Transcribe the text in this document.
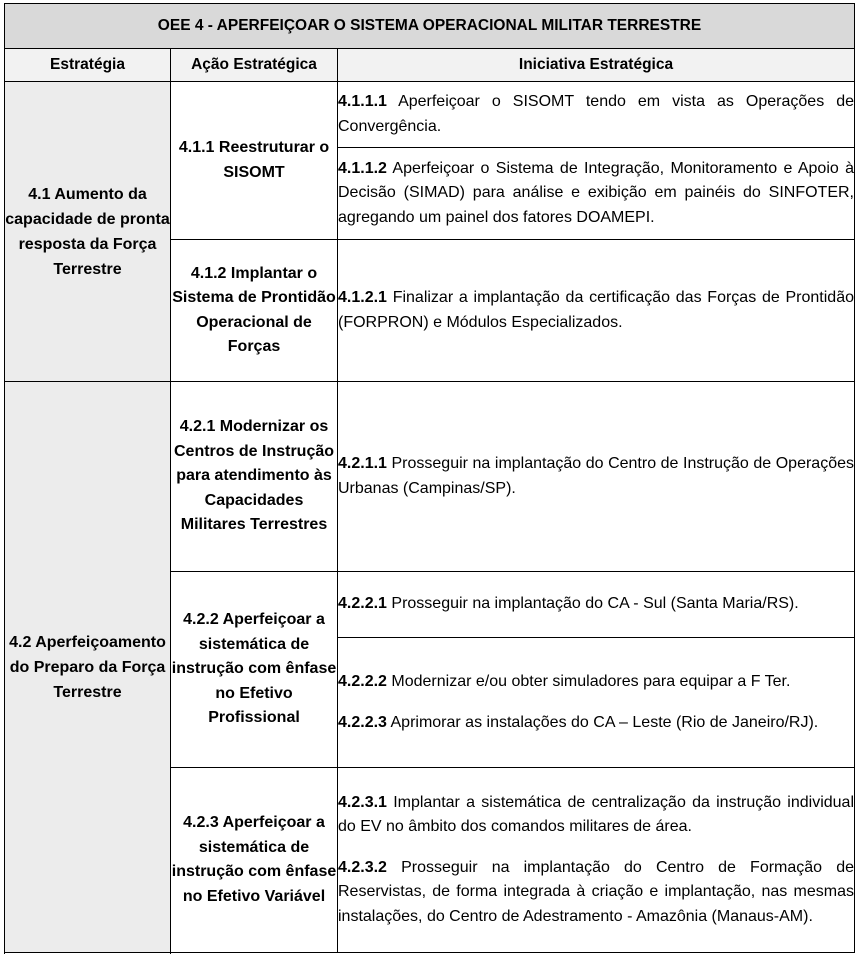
OEE 4 - APERFEIÇOAR O SISTEMA OPERACIONAL MILITAR TERRESTRE		
Estratégia	Ação Estratégica	Iniciativa Estratégica
4.1 Aumento da capacidade de pronta resposta da Força Terrestre	4.1.1 Reestruturar o SISOMT	4.1.1.1 Aperfeiçoar o SISOMT tendo em vista as Operações de Convergência.
		4.1.1.2 Aperfeiçoar o Sistema de Integração, Monitoramento e Apoio à Decisão (SIMAD) para análise e exibição em painéis do SINFOTER, agregando um painel dos fatores DOAMEPI.
	4.1.2 Implantar o Sistema de Prontidão Operacional de Forças	4.1.2.1 Finalizar a implantação da certificação das Forças de Prontidão (FORPRON) e Módulos Especializados.
4.2 Aperfeiçoamento do Preparo da Força Terrestre	4.2.1 Modernizar os Centros de Instrução para atendimento às Capacidades Militares Terrestres	4.2.1.1 Prosseguir na implantação do Centro de Instrução de Operações Urbanas (Campinas/SP).
	4.2.2 Aperfeiçoar a sistemática de instrução com ênfase no Efetivo Profissional	4.2.2.1 Prosseguir na implantação do CA - Sul (Santa Maria/RS).

		4.2.2.2 Modernizar e/ou obter simuladores para equipar a F Ter.

4.2.2.3 Aprimorar as instalações do CA – Leste (Rio de Janeiro/RJ).

	4.2.3 Aperfeiçoar a sistemática de instrução com ênfase no Efetivo Variável	4.2.3.1 Implantar a sistemática de centralização da instrução individual do EV no âmbito dos comandos militares de área.

4.2.3.2 Prosseguir na implantação do Centro de Formação de Reservistas, de forma integrada à criação e implantação, nas mesmas instalações, do Centro de Adestramento - Amazônia (Manaus-AM).
